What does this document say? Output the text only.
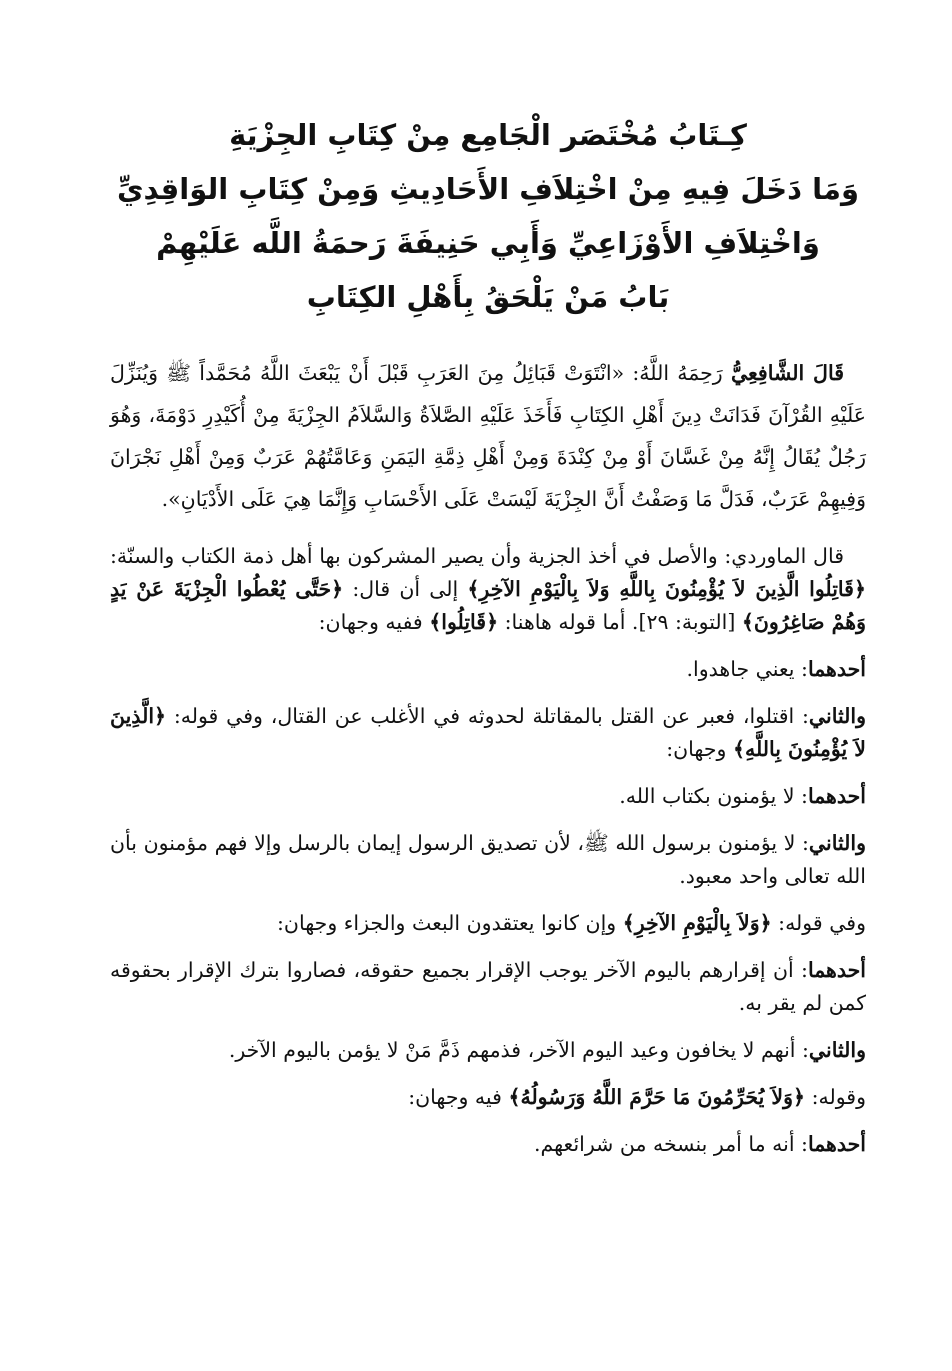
كِـتَابُ مُخْتَصَر الْجَامِع مِنْ كِتَابِ الجِزْيَةِ
وَمَا دَخَلَ فِيهِ مِنْ اخْتِلاَفِ الأَحَادِيثِ وَمِنْ كِتَابِ الوَاقِدِيِّ
وَاخْتِلاَفِ الأَوْزَاعِيِّ وَأَبِي حَنِيفَةَ رَحمَةُ اللَّه عَلَيْهِمْ
بَابُ مَنْ يَلْحَقُ بِأَهْلِ الكِتَابِ

قَالَ الشَّافِعِيُّ رَحِمَهُ اللَّهُ: «انْتَوَتْ قَبَائِلُ مِنَ العَرَبِ قَبْلَ أَنْ يَبْعَثَ اللَّهُ مُحَمَّداً ﷺ وَيُنَزِّلَ عَلَيْهِ القُرْآنَ فَدَانَتْ دِينَ أَهْلِ الكِتَابِ فَأَخَذَ عَلَيْهِ الصَّلاَةُ وَالسَّلاَمُ الجِزْيَةَ مِنْ أُكَيْدِرِ دَوْمَةَ، وَهُوَ رَجُلٌ يُقَالُ إِنَّهُ مِنْ غَسَّانَ أَوْ مِنْ كِنْدَةَ وَمِنْ أَهْلِ ذِمَّةِ اليَمَنِ وَعَامَّتُهُمْ عَرَبٌ وَمِنْ أَهْلِ نَجْرَانَ وَفِيهِمْ عَرَبٌ، فَدَلَّ مَا وَصَفْتُ أَنَّ الجِزْيَةَ لَيْسَتْ عَلَى الأَحْسَابِ وَإِنَّمَا هِيَ عَلَى الأَدْيَانِ».

قال الماوردي: والأصل في أخذ الجزية وأن يصير المشركون بها أهل ذمة الكتاب والسنّة: ﴿قَاتِلُوا الَّذِينَ لاَ يُؤْمِنُونَ بِاللَّهِ وَلاَ بِالْيَوْمِ الآخِرِ﴾ إلى أن قال: ﴿حَتَّى يُعْطُوا الْجِزْيَةَ عَنْ يَدٍ وَهُمْ صَاغِرُونَ﴾ [التوبة: ٢٩]. أما قوله هاهنا: ﴿قَاتِلُوا﴾ ففيه وجهان:

أحدهما: يعني جاهدوا.

والثاني: اقتلوا، فعبر عن القتل بالمقاتلة لحدوثه في الأغلب عن القتال، وفي قوله: ﴿الَّذِينَ لاَ يُؤْمِنُونَ بِاللَّهِ﴾ وجهان:

أحدهما: لا يؤمنون بكتاب الله.

والثاني: لا يؤمنون برسول الله ﷺ، لأن تصديق الرسول إيمان بالرسل وإلا فهم مؤمنون بأن الله تعالى واحد معبود.

وفي قوله: ﴿وَلاَ بِالْيَوْمِ الآخِرِ﴾ وإن كانوا يعتقدون البعث والجزاء وجهان:

أحدهما: أن إقرارهم باليوم الآخر يوجب الإقرار بجميع حقوقه، فصاروا بترك الإقرار بحقوقه كمن لم يقر به.

والثاني: أنهم لا يخافون وعيد اليوم الآخر، فذمهم ذَمَّ مَنْ لا يؤمن باليوم الآخر.

وقوله: ﴿وَلاَ يُحَرِّمُونَ مَا حَرَّمَ اللَّهُ وَرَسُولُهُ﴾ فيه وجهان:

أحدهما: أنه ما أمر بنسخه من شرائعهم.
